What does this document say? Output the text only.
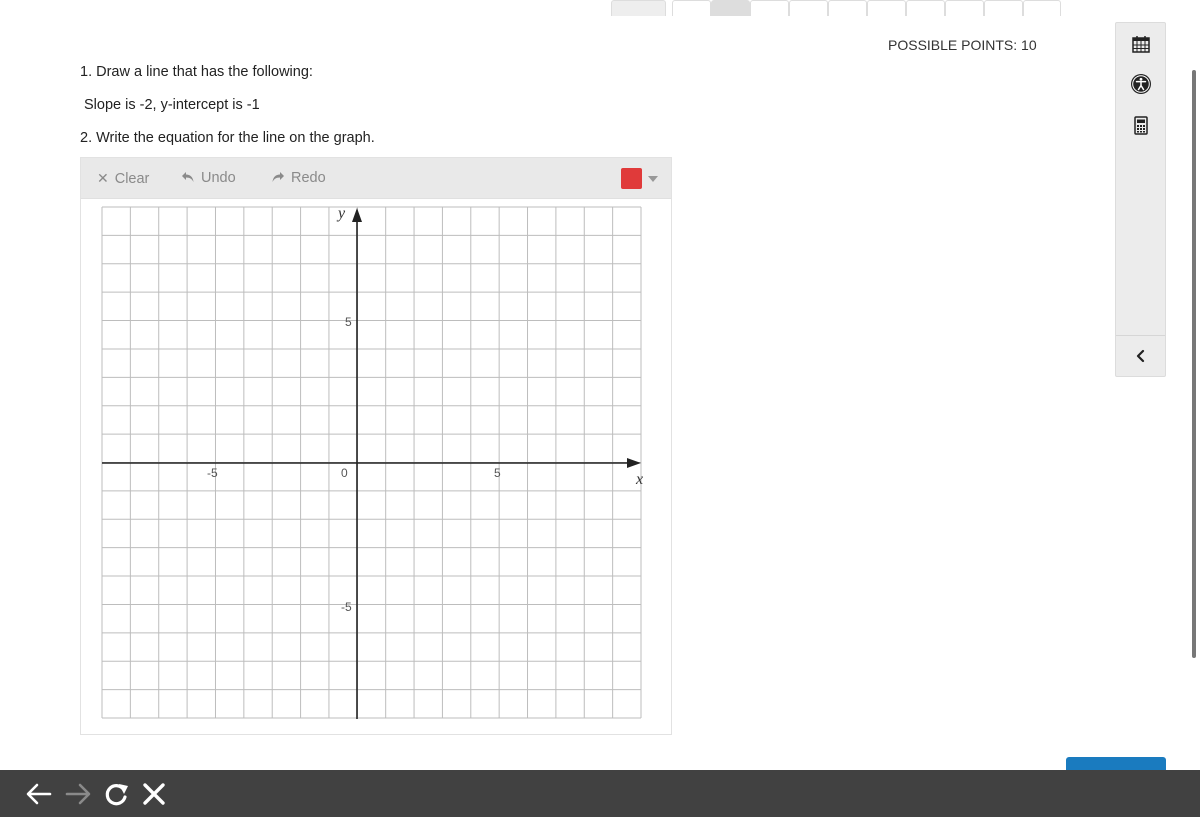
POSSIBLE POINTS: 10
1. Draw a line that has the following:
Slope is -2, y-intercept is -1
2. Write the equation for the line on the graph.
✕ Clear	Undo	Redo
x
y
-5	5
5
-5
0
